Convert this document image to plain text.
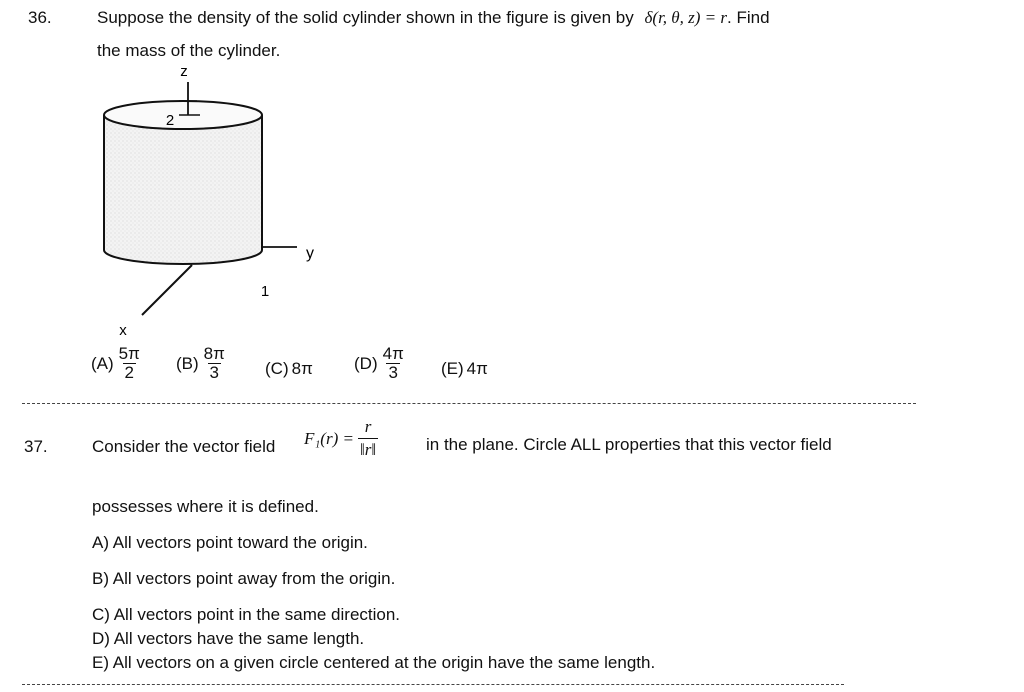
36.	Suppose the density of the solid cylinder shown in the figure is given by δ(r, θ, z) = r. Find
the mass of the cylinder.
z
2
y
1
x
$(A) \frac{5\pi}{2} (B) \frac{8\pi}{3} (C)$ 8π $(D) \frac{4\pi}{3} (E)$ 4π
37.	Consider the vector field $F_1(r) = \frac{r}{‖r‖}$	in the plane. Circle ALL properties that this vector field
possesses where it is defined.
A) All vectors point toward the origin.
B) All vectors point away from the origin.
C) All vectors point in the same direction.
D) All vectors have the same length.
E) All vectors on a given circle centered at the origin have the same length.
